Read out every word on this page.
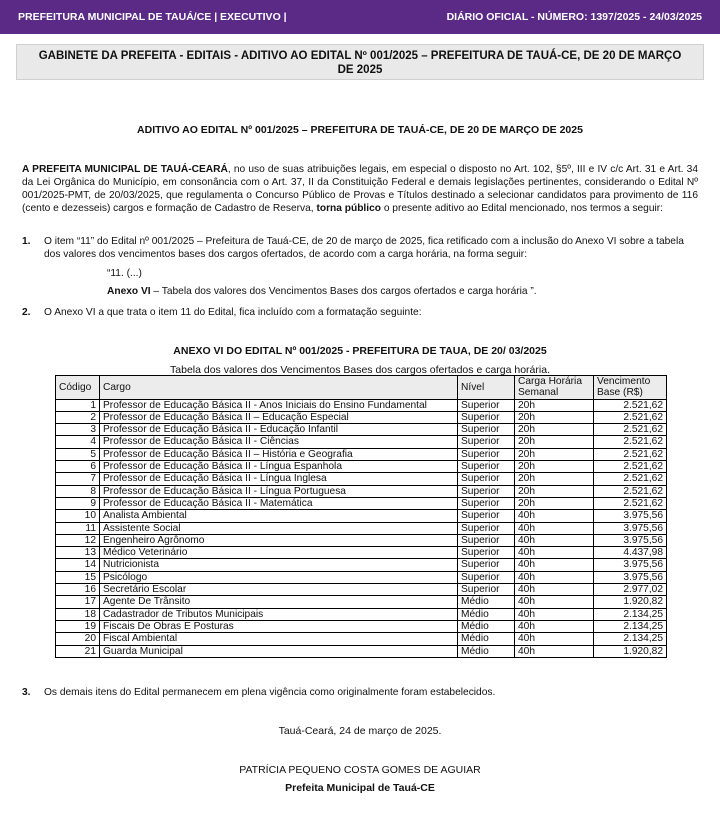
PREFEITURA MUNICIPAL DE TAUÁ/CE | EXECUTIVO |	DIÁRIO OFICIAL - NÚMERO: 1397/2025 - 24/03/2025
GABINETE DA PREFEITA - EDITAIS - ADITIVO AO EDITAL Nº 001/2025 – PREFEITURA DE TAUÁ-CE, DE 20 DE MARÇO
DE 2025
ADITIVO AO EDITAL Nº 001/2025 – PREFEITURA DE TAUÁ-CE, DE 20 DE MARÇO DE 2025
A PREFEITA MUNICIPAL DE TAUÁ-CEARÁ, no uso de suas atribuições legais, em especial o disposto no Art. 102, §5º, III e IV c/c Art. 31 e Art. 34 da Lei Orgânica do Município, em consonância com o Art. 37, II da Constituição Federal e demais legislações pertinentes, considerando o Edital Nº 001/2025-PMT, de 20/03/2025, que regulamenta o Concurso Público de Provas e Títulos destinado a selecionar candidatos para provimento de 116 (cento e dezesseis) cargos e formação de Cadastro de Reserva, torna público o presente aditivo ao Edital mencionado, nos termos a seguir:
1. O item “11” do Edital nº 001/2025 – Prefeitura de Tauá-CE, de 20 de março de 2025, fica retificado com a inclusão do Anexo VI sobre a tabela dos valores dos vencimentos bases dos cargos ofertados, de acordo com a carga horária, na forma seguir:
“11. (...)
Anexo VI – Tabela dos valores dos Vencimentos Bases dos cargos ofertados e carga horária ”.
2. O Anexo VI a que trata o item 11 do Edital, fica incluído com a formatação seguinte:
ANEXO VI DO EDITAL Nº 001/2025 - PREFEITURA DE TAUA, DE 20/ 03/2025
Tabela dos valores dos Vencimentos Bases dos cargos ofertados e carga horária.
Código	Cargo	Nível	Carga Horária Semanal	Vencimento Base (R$)
1	Professor de Educação Básica II - Anos Iniciais do Ensino Fundamental	Superior	20h	2.521,62
2	Professor de Educação Básica II – Educação Especial	Superior	20h	2.521,62
3	Professor de Educação Básica II - Educação Infantil	Superior	20h	2.521,62
4	Professor de Educação Básica II - Ciências	Superior	20h	2.521,62
5	Professor de Educação Básica II – História e Geografia	Superior	20h	2.521,62
6	Professor de Educação Básica II - Língua Espanhola	Superior	20h	2.521,62
7	Professor de Educação Básica II - Língua Inglesa	Superior	20h	2.521,62
8	Professor de Educação Básica II - Língua Portuguesa	Superior	20h	2.521,62
9	Professor de Educação Básica II - Matemática	Superior	20h	2.521,62
10	Analista Ambiental	Superior	40h	3.975,56
11	Assistente Social	Superior	40h	3.975,56
12	Engenheiro Agrônomo	Superior	40h	3.975,56
13	Médico Veterinário	Superior	40h	4.437,98
14	Nutricionista	Superior	40h	3.975,56
15	Psicólogo	Superior	40h	3.975,56
16	Secretário Escolar	Superior	40h	2.977,02
17	Agente De Trânsito	Médio	40h	1.920,82
18	Cadastrador de Tributos Municipais	Médio	40h	2.134,25
19	Fiscais De Obras E Posturas	Médio	40h	2.134,25
20	Fiscal Ambiental	Médio	40h	2.134,25
21	Guarda Municipal	Médio	40h	1.920,82
3. Os demais itens do Edital permanecem em plena vigência como originalmente foram estabelecidos.
Tauá-Ceará, 24 de março de 2025.
PATRÍCIA PEQUENO COSTA GOMES DE AGUIAR
Prefeita Municipal de Tauá-CE
